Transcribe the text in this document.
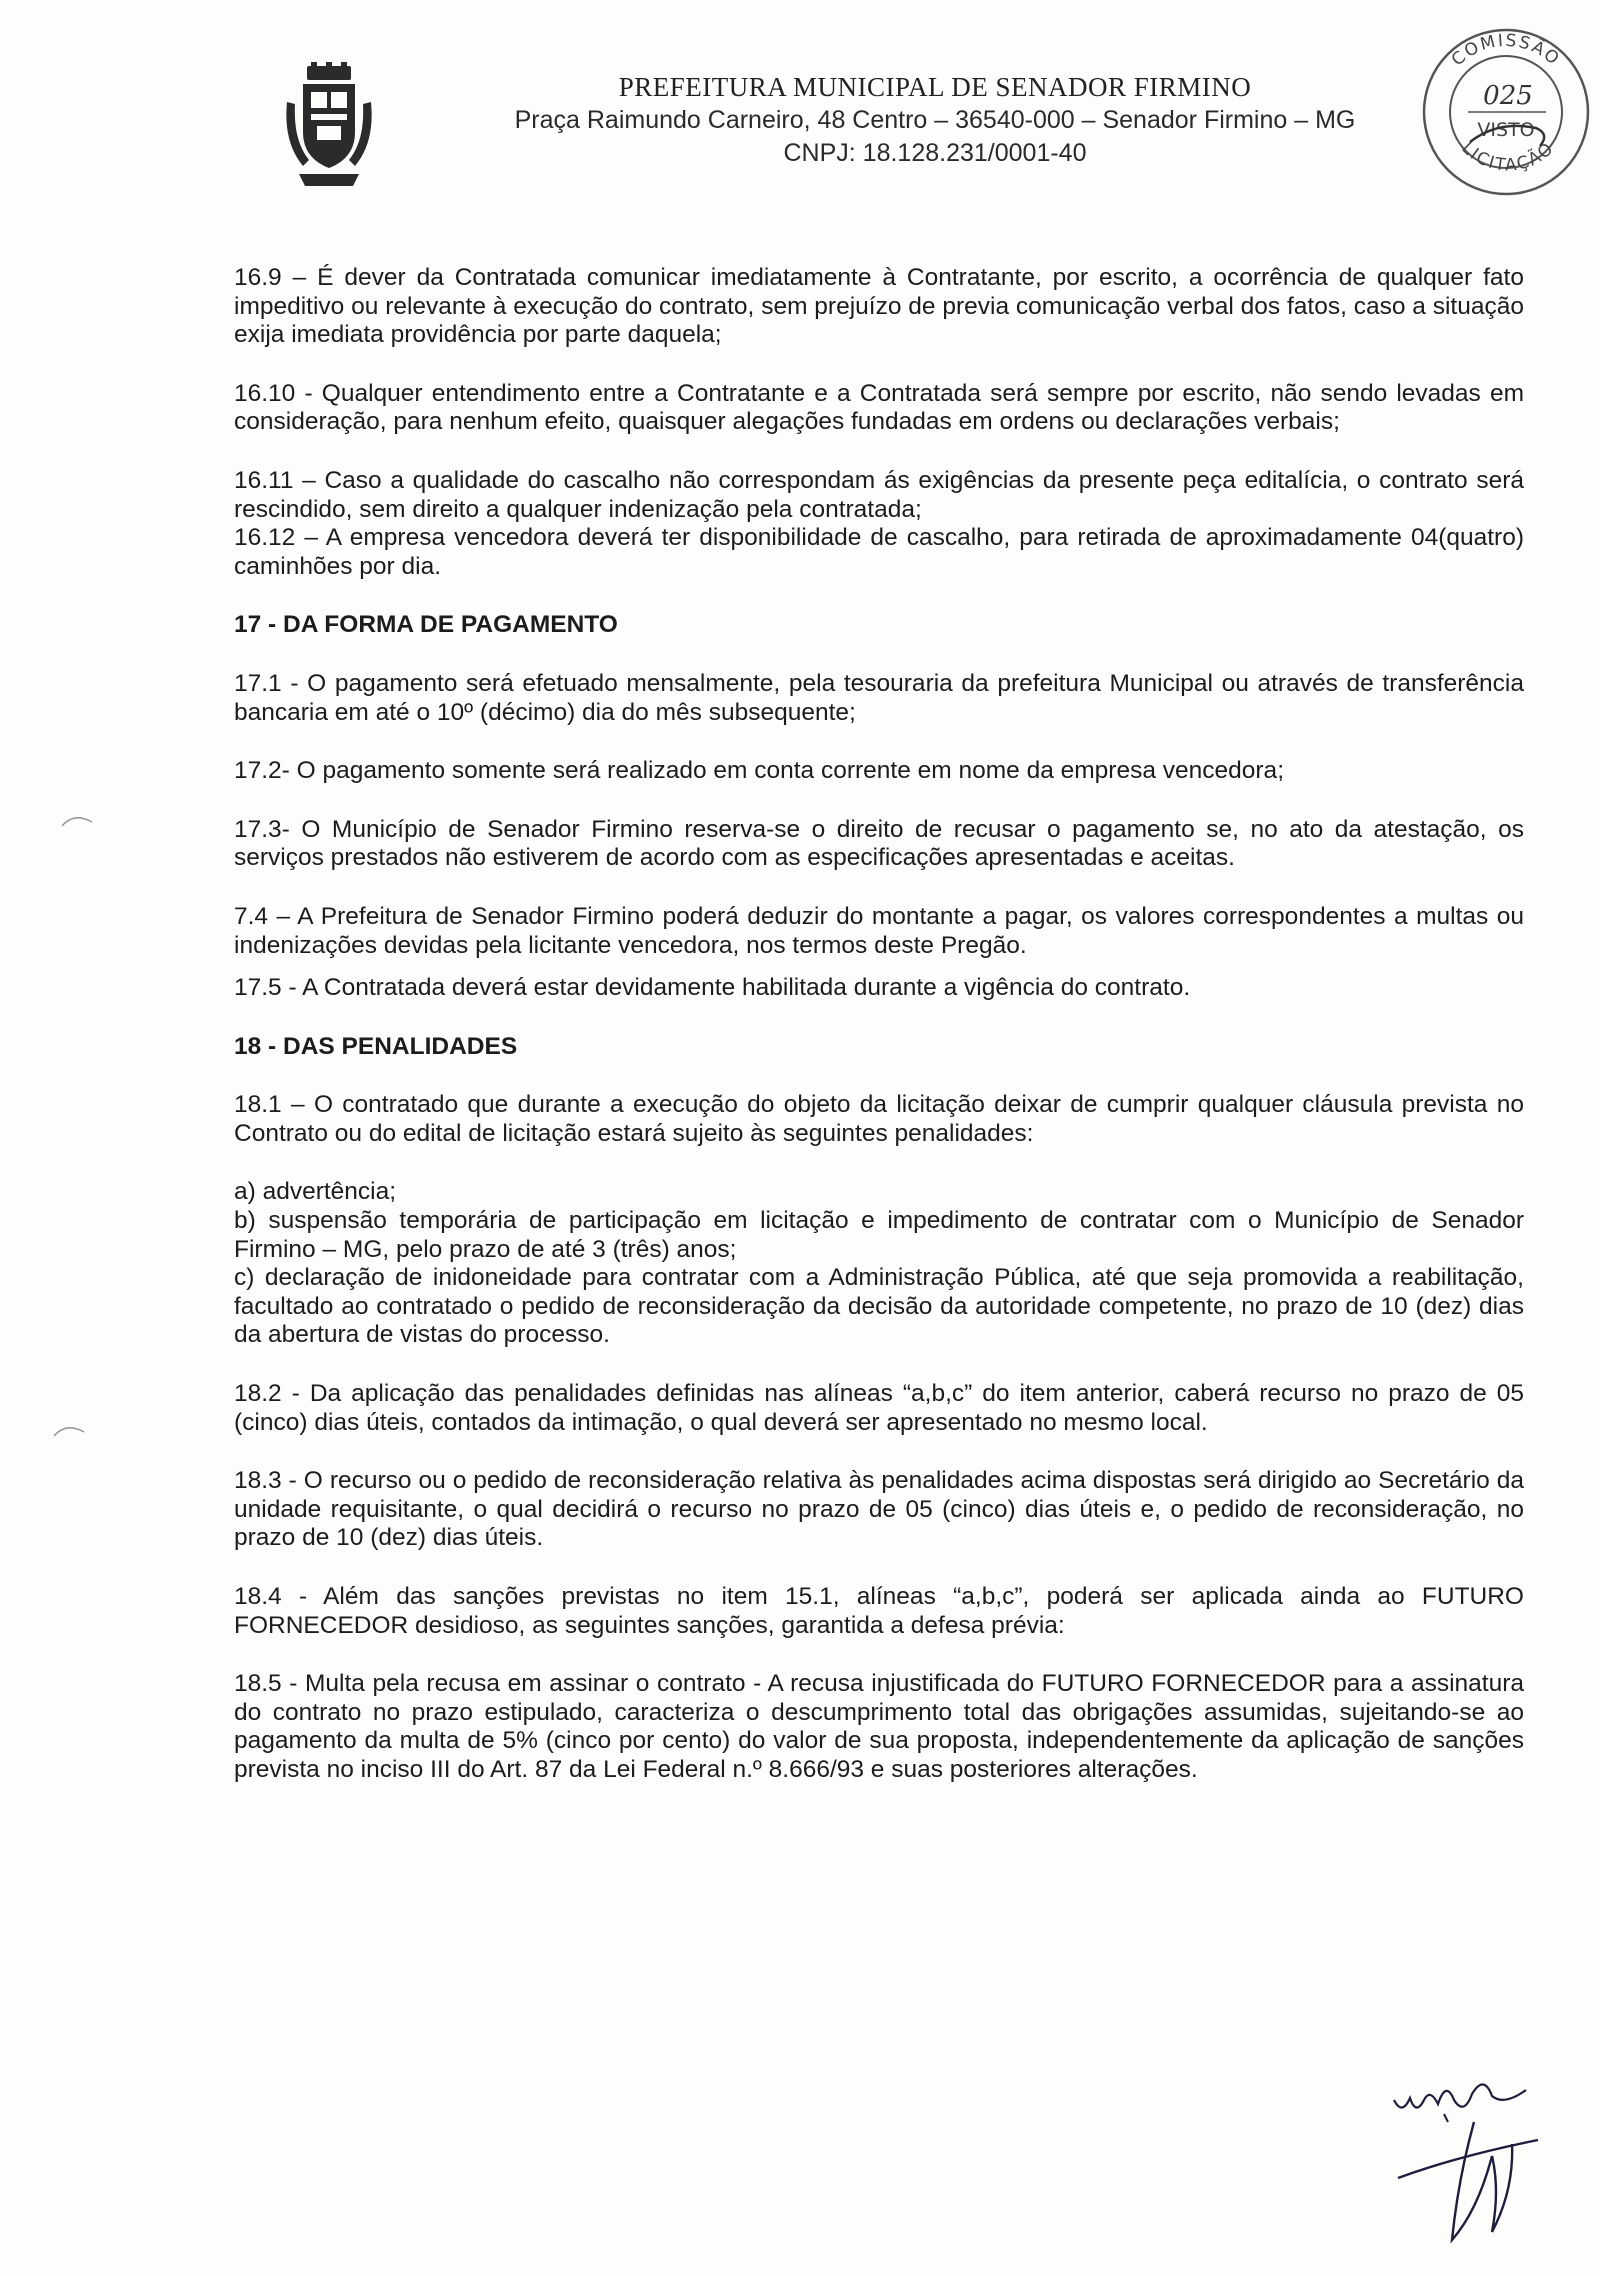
PREFEITURA MUNICIPAL DE SENADOR FIRMINO
Praça Raimundo Carneiro, 48 Centro – 36540-000 – Senador Firmino – MG
CNPJ: 18.128.231/0001-40
COMISSÃO
LICITAÇÃO
025
VISTO

16.9 – É dever da Contratada comunicar imediatamente à Contratante, por escrito, a ocorrência de qualquer fato impeditivo ou relevante à execução do contrato, sem prejuízo de previa comunicação verbal dos fatos, caso a situação exija imediata providência por parte daquela;

16.10 - Qualquer entendimento entre a Contratante e a Contratada será sempre por escrito, não sendo levadas em consideração, para nenhum efeito, quaisquer alegações fundadas em ordens ou declarações verbais;

16.11 – Caso a qualidade do cascalho não correspondam ás exigências da presente peça editalícia, o contrato será rescindido, sem direito a qualquer indenização pela contratada;

16.12 – A empresa vencedora deverá ter disponibilidade de cascalho, para retirada de aproximadamente 04(quatro) caminhões por dia.

17 - DA FORMA DE PAGAMENTO

17.1 - O pagamento será efetuado mensalmente, pela tesouraria da prefeitura Municipal ou através de transferência bancaria em até o 10º (décimo) dia do mês subsequente;

17.2- O pagamento somente será realizado em conta corrente em nome da empresa vencedora;

17.3- O Município de Senador Firmino reserva-se o direito de recusar o pagamento se, no ato da atestação, os serviços prestados não estiverem de acordo com as especificações apresentadas e aceitas.

7.4 – A Prefeitura de Senador Firmino poderá deduzir do montante a pagar, os valores correspondentes a multas ou indenizações devidas pela licitante vencedora, nos termos deste Pregão.

17.5 - A Contratada deverá estar devidamente habilitada durante a vigência do contrato.

18 - DAS PENALIDADES

18.1 – O contratado que durante a execução do objeto da licitação deixar de cumprir qualquer cláusula prevista no Contrato ou do edital de licitação estará sujeito às seguintes penalidades:

a) advertência;

b) suspensão temporária de participação em licitação e impedimento de contratar com o Município de Senador Firmino – MG, pelo prazo de até 3 (três) anos;

c) declaração de inidoneidade para contratar com a Administração Pública, até que seja promovida a reabilitação, facultado ao contratado o pedido de reconsideração da decisão da autoridade competente, no prazo de 10 (dez) dias da abertura de vistas do processo.

18.2 - Da aplicação das penalidades definidas nas alíneas “a,b,c” do item anterior, caberá recurso no prazo de 05 (cinco) dias úteis, contados da intimação, o qual deverá ser apresentado no mesmo local.

18.3 - O recurso ou o pedido de reconsideração relativa às penalidades acima dispostas será dirigido ao Secretário da unidade requisitante, o qual decidirá o recurso no prazo de 05 (cinco) dias úteis e, o pedido de reconsideração, no prazo de 10 (dez) dias úteis.

18.4 - Além das sanções previstas no item 15.1, alíneas “a,b,c”, poderá ser aplicada ainda ao FUTURO FORNECEDOR desidioso, as seguintes sanções, garantida a defesa prévia:

18.5 - Multa pela recusa em assinar o contrato - A recusa injustificada do FUTURO FORNECEDOR para a assinatura do contrato no prazo estipulado, caracteriza o descumprimento total das obrigações assumidas, sujeitando-se ao pagamento da multa de 5% (cinco por cento) do valor de sua proposta, independentemente da aplicação de sanções prevista no inciso III do Art. 87 da Lei Federal n.º 8.666/93 e suas posteriores alterações.
